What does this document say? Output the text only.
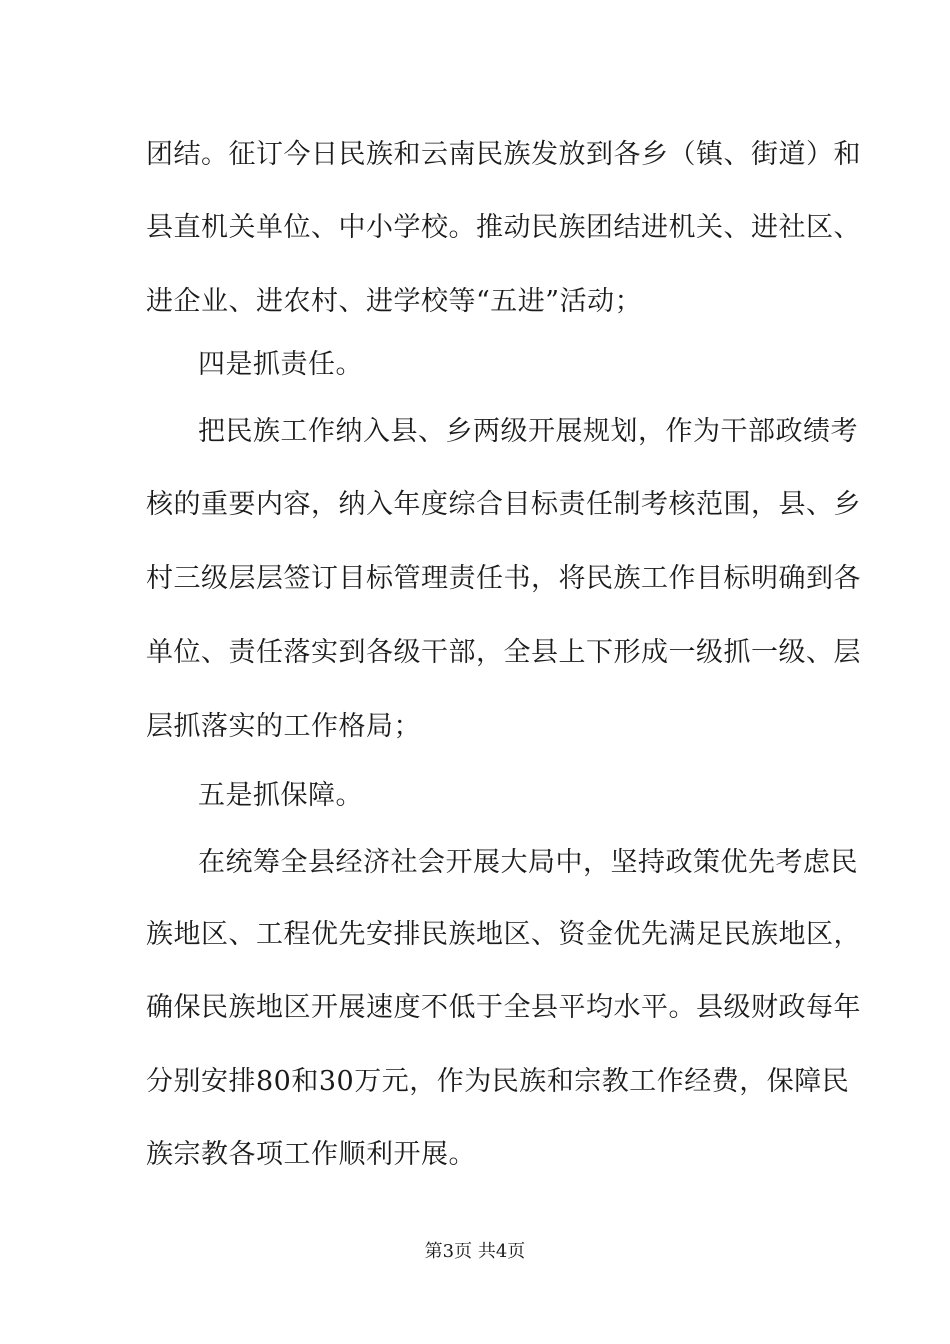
团结。征订今日民族和云南民族发放到各乡（镇、街道）和
县直机关单位、中小学校。推动民族团结进机关、进社区、
进企业、进农村、进学校等“五进”活动；
四是抓责任。
把民族工作纳入县、乡两级开展规划，作为干部政绩考
核的重要内容，纳入年度综合目标责任制考核范围，县、乡
村三级层层签订目标管理责任书，将民族工作目标明确到各
单位、责任落实到各级干部，全县上下形成一级抓一级、层
层抓落实的工作格局；
五是抓保障。
在统筹全县经济社会开展大局中，坚持政策优先考虑民
族地区、工程优先安排民族地区、资金优先满足民族地区，
确保民族地区开展速度不低于全县平均水平。县级财政每年
分别安排80和30万元，作为民族和宗教工作经费，保障民
族宗教各项工作顺利开展。
第3页 共4页
